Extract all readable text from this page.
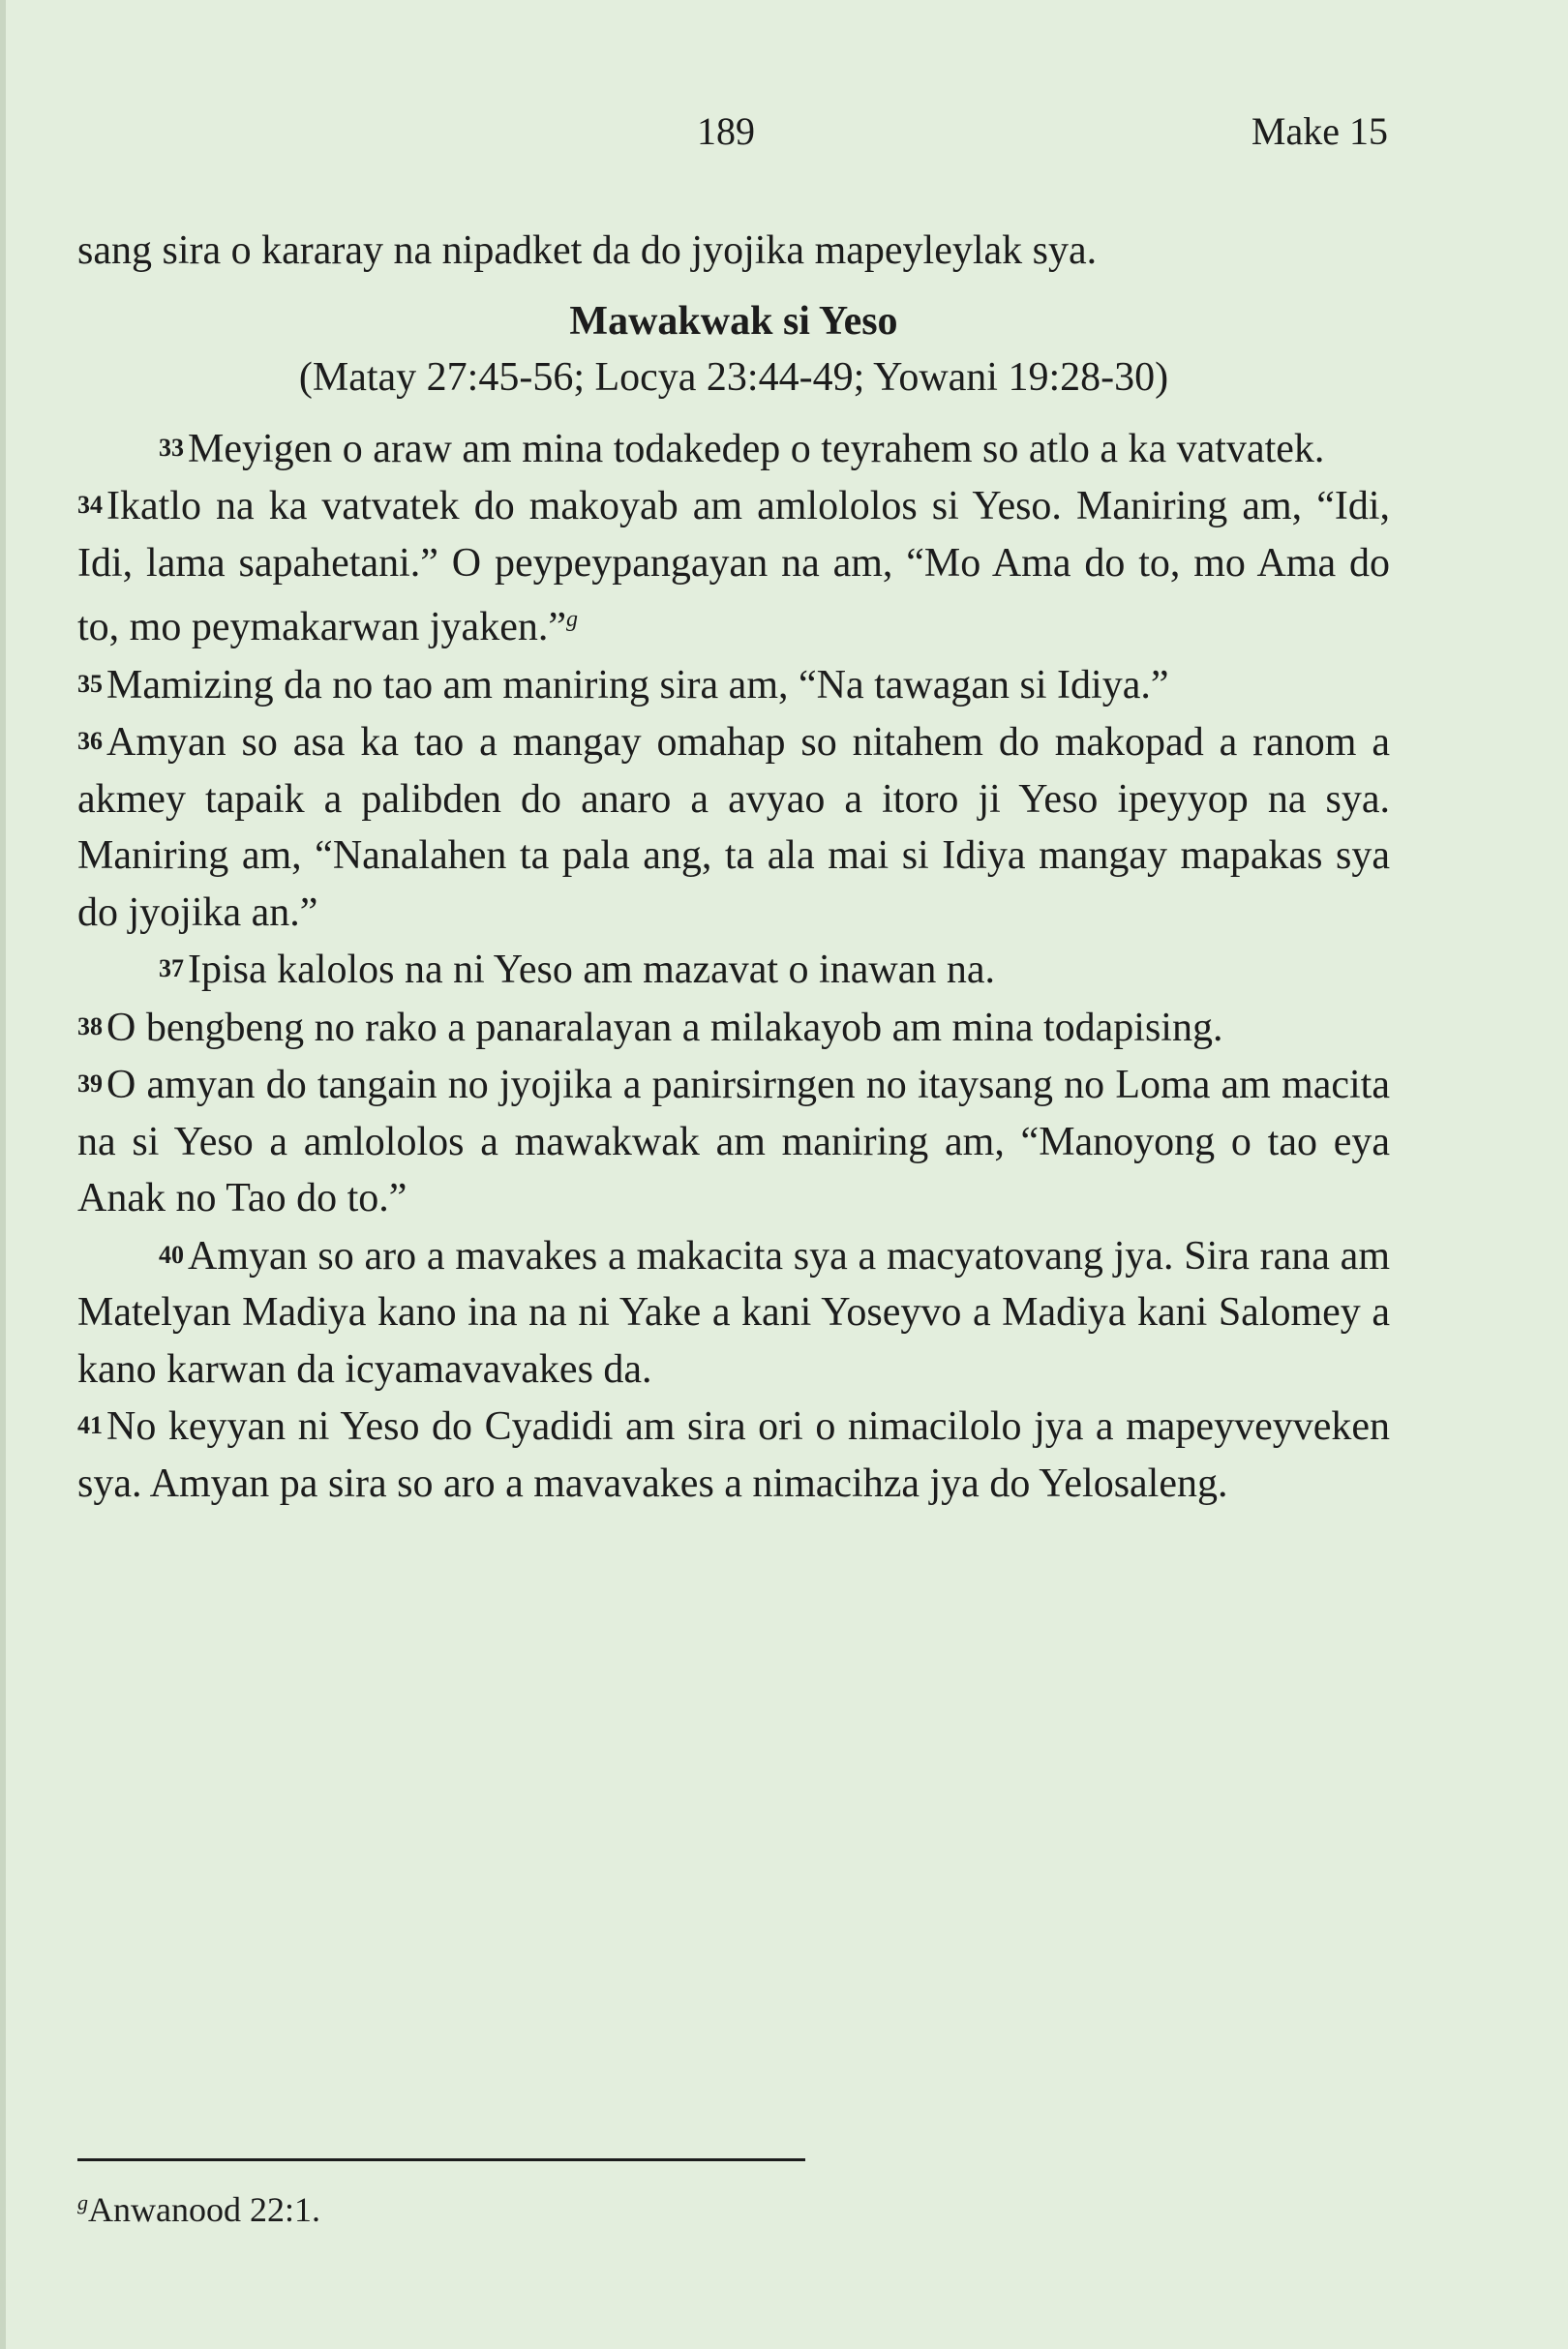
189	Make 15

sang sira o kararay na nipadket da do jyojika mapeyleylak sya.

Mawakwak si Yeso

(Matay 27:45-56; Locya 23:44-49; Yowani 19:28-30)

$^{33}$Meyigen o araw am mina todakedep o teyrahem so atlo a ka vatvatek.

$^{34}$Ikatlo na ka vatvatek do makoyab am amlololos si Yeso. Maniring am, “Idi, Idi, lama sapahetani.” O peypeypangayan na am, “Mo Ama do to, mo Ama do to, mo peymakarwan jyaken.”$^g$

$^{35}$Mamizing da no tao am maniring sira am, “Na tawagan si Idiya.”

$^{36}$Amyan so asa ka tao a mangay omahap so nitahem do makopad a ranom a akmey tapaik a palibden do anaro a avyao a itoro ji Yeso ipeyyop na sya. Maniring am, “Nanalahen ta pala ang, ta ala mai si Idiya mangay mapakas sya do jyojika an.”

$^{37}$Ipisa kalolos na ni Yeso am mazavat o inawan na.

$^{38}$O bengbeng no rako a panaralayan a milakayob am mina todapising.

$^{39}$O amyan do tangain no jyojika a panirsirngen no itaysang no Loma am macita na si Yeso a amlololos a mawakwak am maniring am, “Manoyong o tao eya Anak no Tao do to.”

$^{40}$Amyan so aro a mavakes a makacita sya a macyatovang jya. Sira rana am Matelyan Madiya kano ina na ni Yake a kani Yoseyvo a Madiya kani Salomey a kano karwan da icyamavavakes da.

$^{41}$No keyyan ni Yeso do Cyadidi am sira ori o nimacilolo jya a mapeyveyveken sya. Amyan pa sira so aro a mavavakes a nimacihza jya do Yelosaleng.

$^g$Anwanood 22:1.
